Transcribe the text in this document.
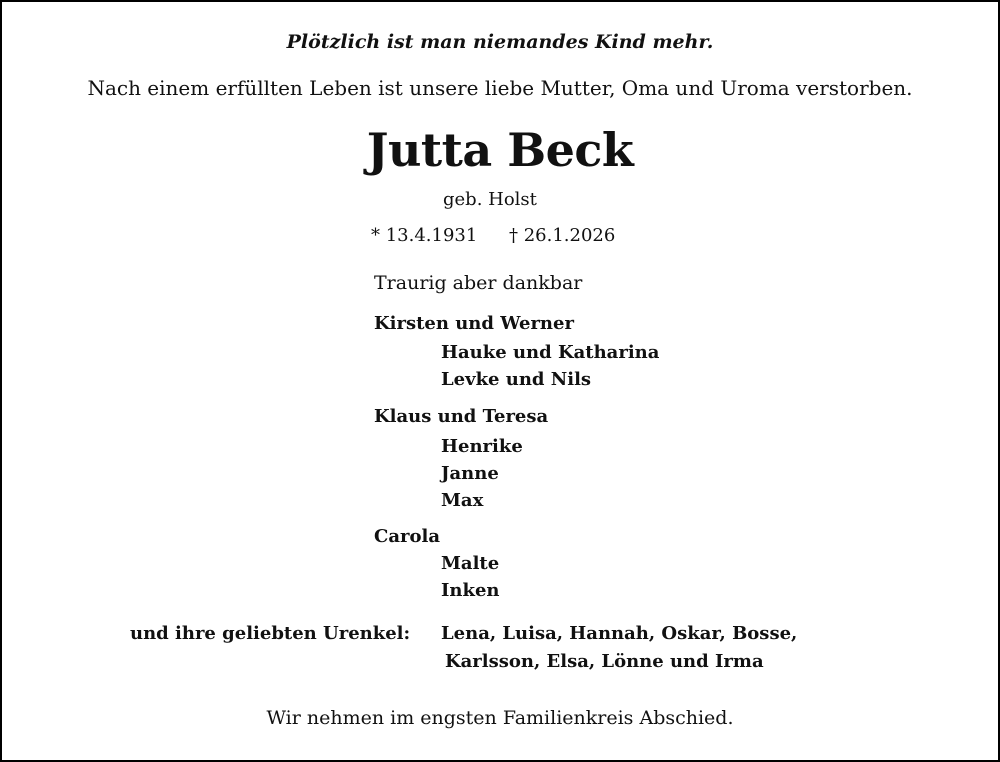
Plötzlich ist man niemandes Kind mehr.

Nach einem erfüllten Leben ist unsere liebe Mutter, Oma und Uroma verstorben.

Jutta Beck

geb. Holst

* 13.4.1931 † 26.1.2026

Traurig aber dankbar

Kirsten und Werner

Hauke und Katharina

Levke und Nils

Klaus und Teresa

Henrike

Janne

Max

Carola

Malte

Inken

und ihre geliebten Urenkel: Lena, Luisa, Hannah, Oskar, Bosse,

Karlsson, Elsa, Lönne und Irma

Wir nehmen im engsten Familienkreis Abschied.
